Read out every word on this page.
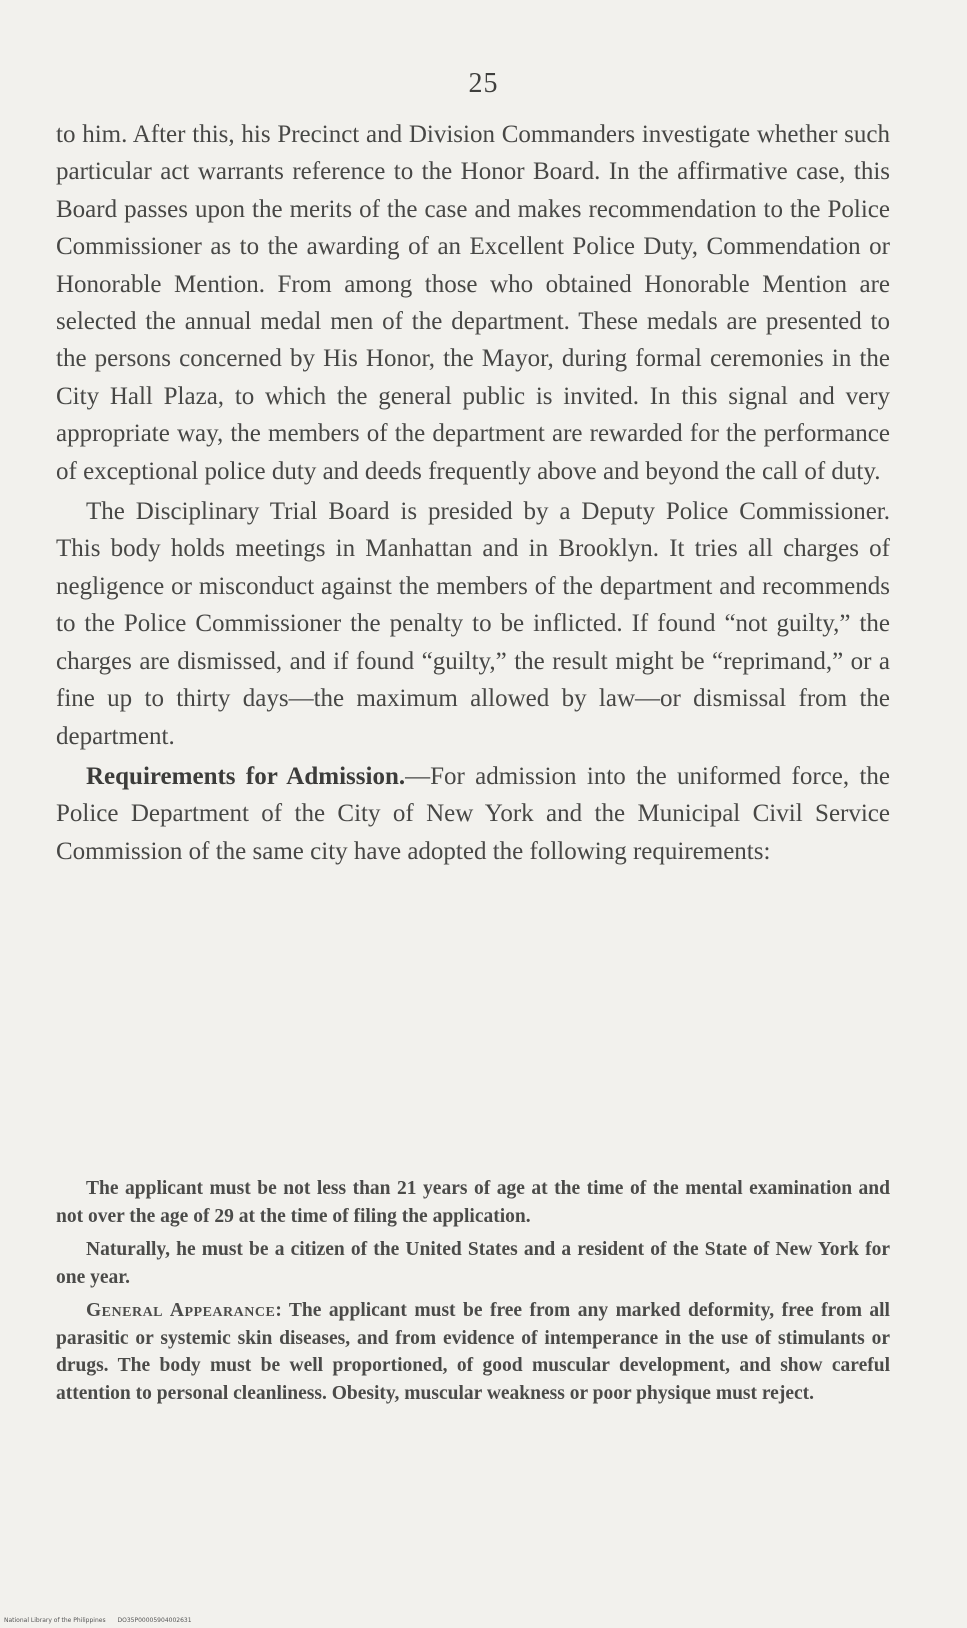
25

to him. After this, his Precinct and Division Commanders investigate whether such particular act warrants reference to the Honor Board. In the affirmative case, this Board passes upon the merits of the case and makes recommendation to the Police Commissioner as to the awarding of an Excellent Police Duty, Commendation or Honorable Mention. From among those who obtained Honorable Mention are selected the annual medal men of the department. These medals are presented to the persons concerned by His Honor, the Mayor, during formal ceremonies in the City Hall Plaza, to which the general public is invited. In this signal and very appropriate way, the members of the department are rewarded for the performance of exceptional police duty and deeds frequently above and beyond the call of duty.

The Disciplinary Trial Board is presided by a Deputy Police Commissioner. This body holds meetings in Manhattan and in Brooklyn. It tries all charges of negligence or misconduct against the members of the department and recommends to the Police Commissioner the penalty to be inflicted. If found “not guilty,” the charges are dismissed, and if found “guilty,” the result might be “reprimand,” or a fine up to thirty days—the maximum allowed by law—or dismissal from the department.

Requirements for Admission.—For admission into the uniformed force, the Police Department of the City of New York and the Municipal Civil Service Commission of the same city have adopted the following requirements:

The applicant must be not less than 21 years of age at the time of the mental examination and not over the age of 29 at the time of filing the application.

Naturally, he must be a citizen of the United States and a resident of the State of New York for one year.

General Appearance: The applicant must be free from any marked deformity, free from all parasitic or systemic skin diseases, and from evidence of intemperance in the use of stimulants or drugs. The body must be well proportioned, of good muscular development, and show careful attention to personal cleanliness. Obesity, muscular weakness or poor physique must reject.

National Library of the Philippines DO35P00005904002631
